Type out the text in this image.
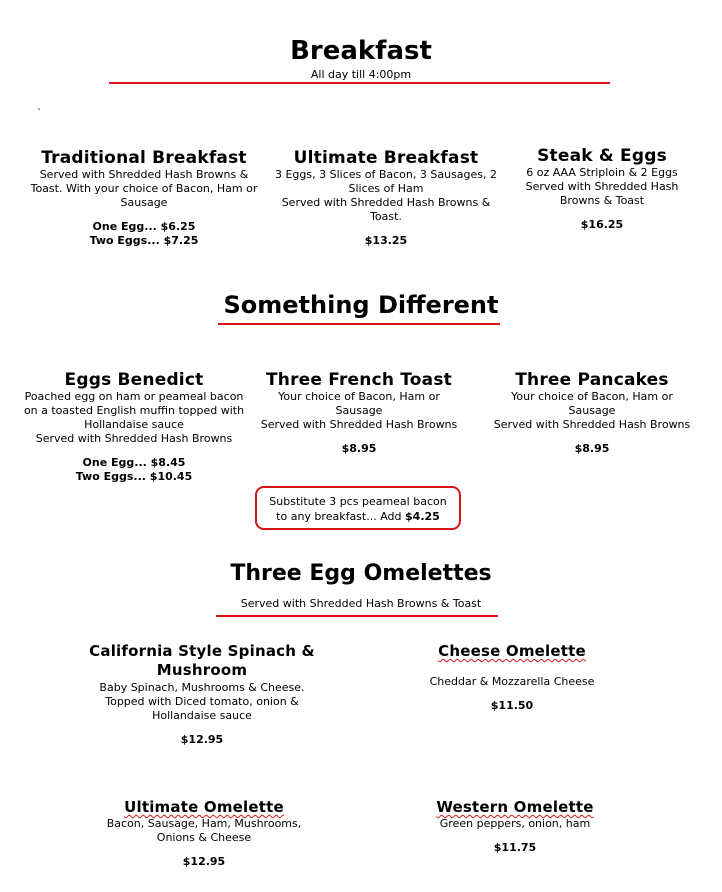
Breakfast
All day till 4:00pm
`
Traditional Breakfast
Served with Shredded Hash Browns &
Toast. With your choice of Bacon, Ham or
Sausage
One Egg... $6.25
Two Eggs... $7.25
Ultimate Breakfast
3 Eggs, 3 Slices of Bacon, 3 Sausages, 2
Slices of Ham
Served with Shredded Hash Browns &
Toast.
$13.25
Steak & Eggs
6 oz AAA Striploin & 2 Eggs
Served with Shredded Hash
Browns & Toast
$16.25
Something Different
Eggs Benedict
Poached egg on ham or peameal bacon
on a toasted English muffin topped with
Hollandaise sauce
Served with Shredded Hash Browns
One Egg... $8.45
Two Eggs... $10.45
Three French Toast
Your choice of Bacon, Ham or
Sausage
Served with Shredded Hash Browns
$8.95
Three Pancakes
Your choice of Bacon, Ham or
Sausage
Served with Shredded Hash Browns
$8.95
Substitute 3 pcs peameal bacon
to any breakfast... Add $4.25
Three Egg Omelettes
Served with Shredded Hash Browns & Toast
California Style Spinach &
Mushroom
Baby Spinach, Mushrooms & Cheese.
Topped with Diced tomato, onion &
Hollandaise sauce
$12.95
Cheese Omelette
Cheddar & Mozzarella Cheese
$11.50
Ultimate Omelette
Bacon, Sausage, Ham, Mushrooms,
Onions & Cheese
$12.95
Western Omelette
Green peppers, onion, ham
$11.75
